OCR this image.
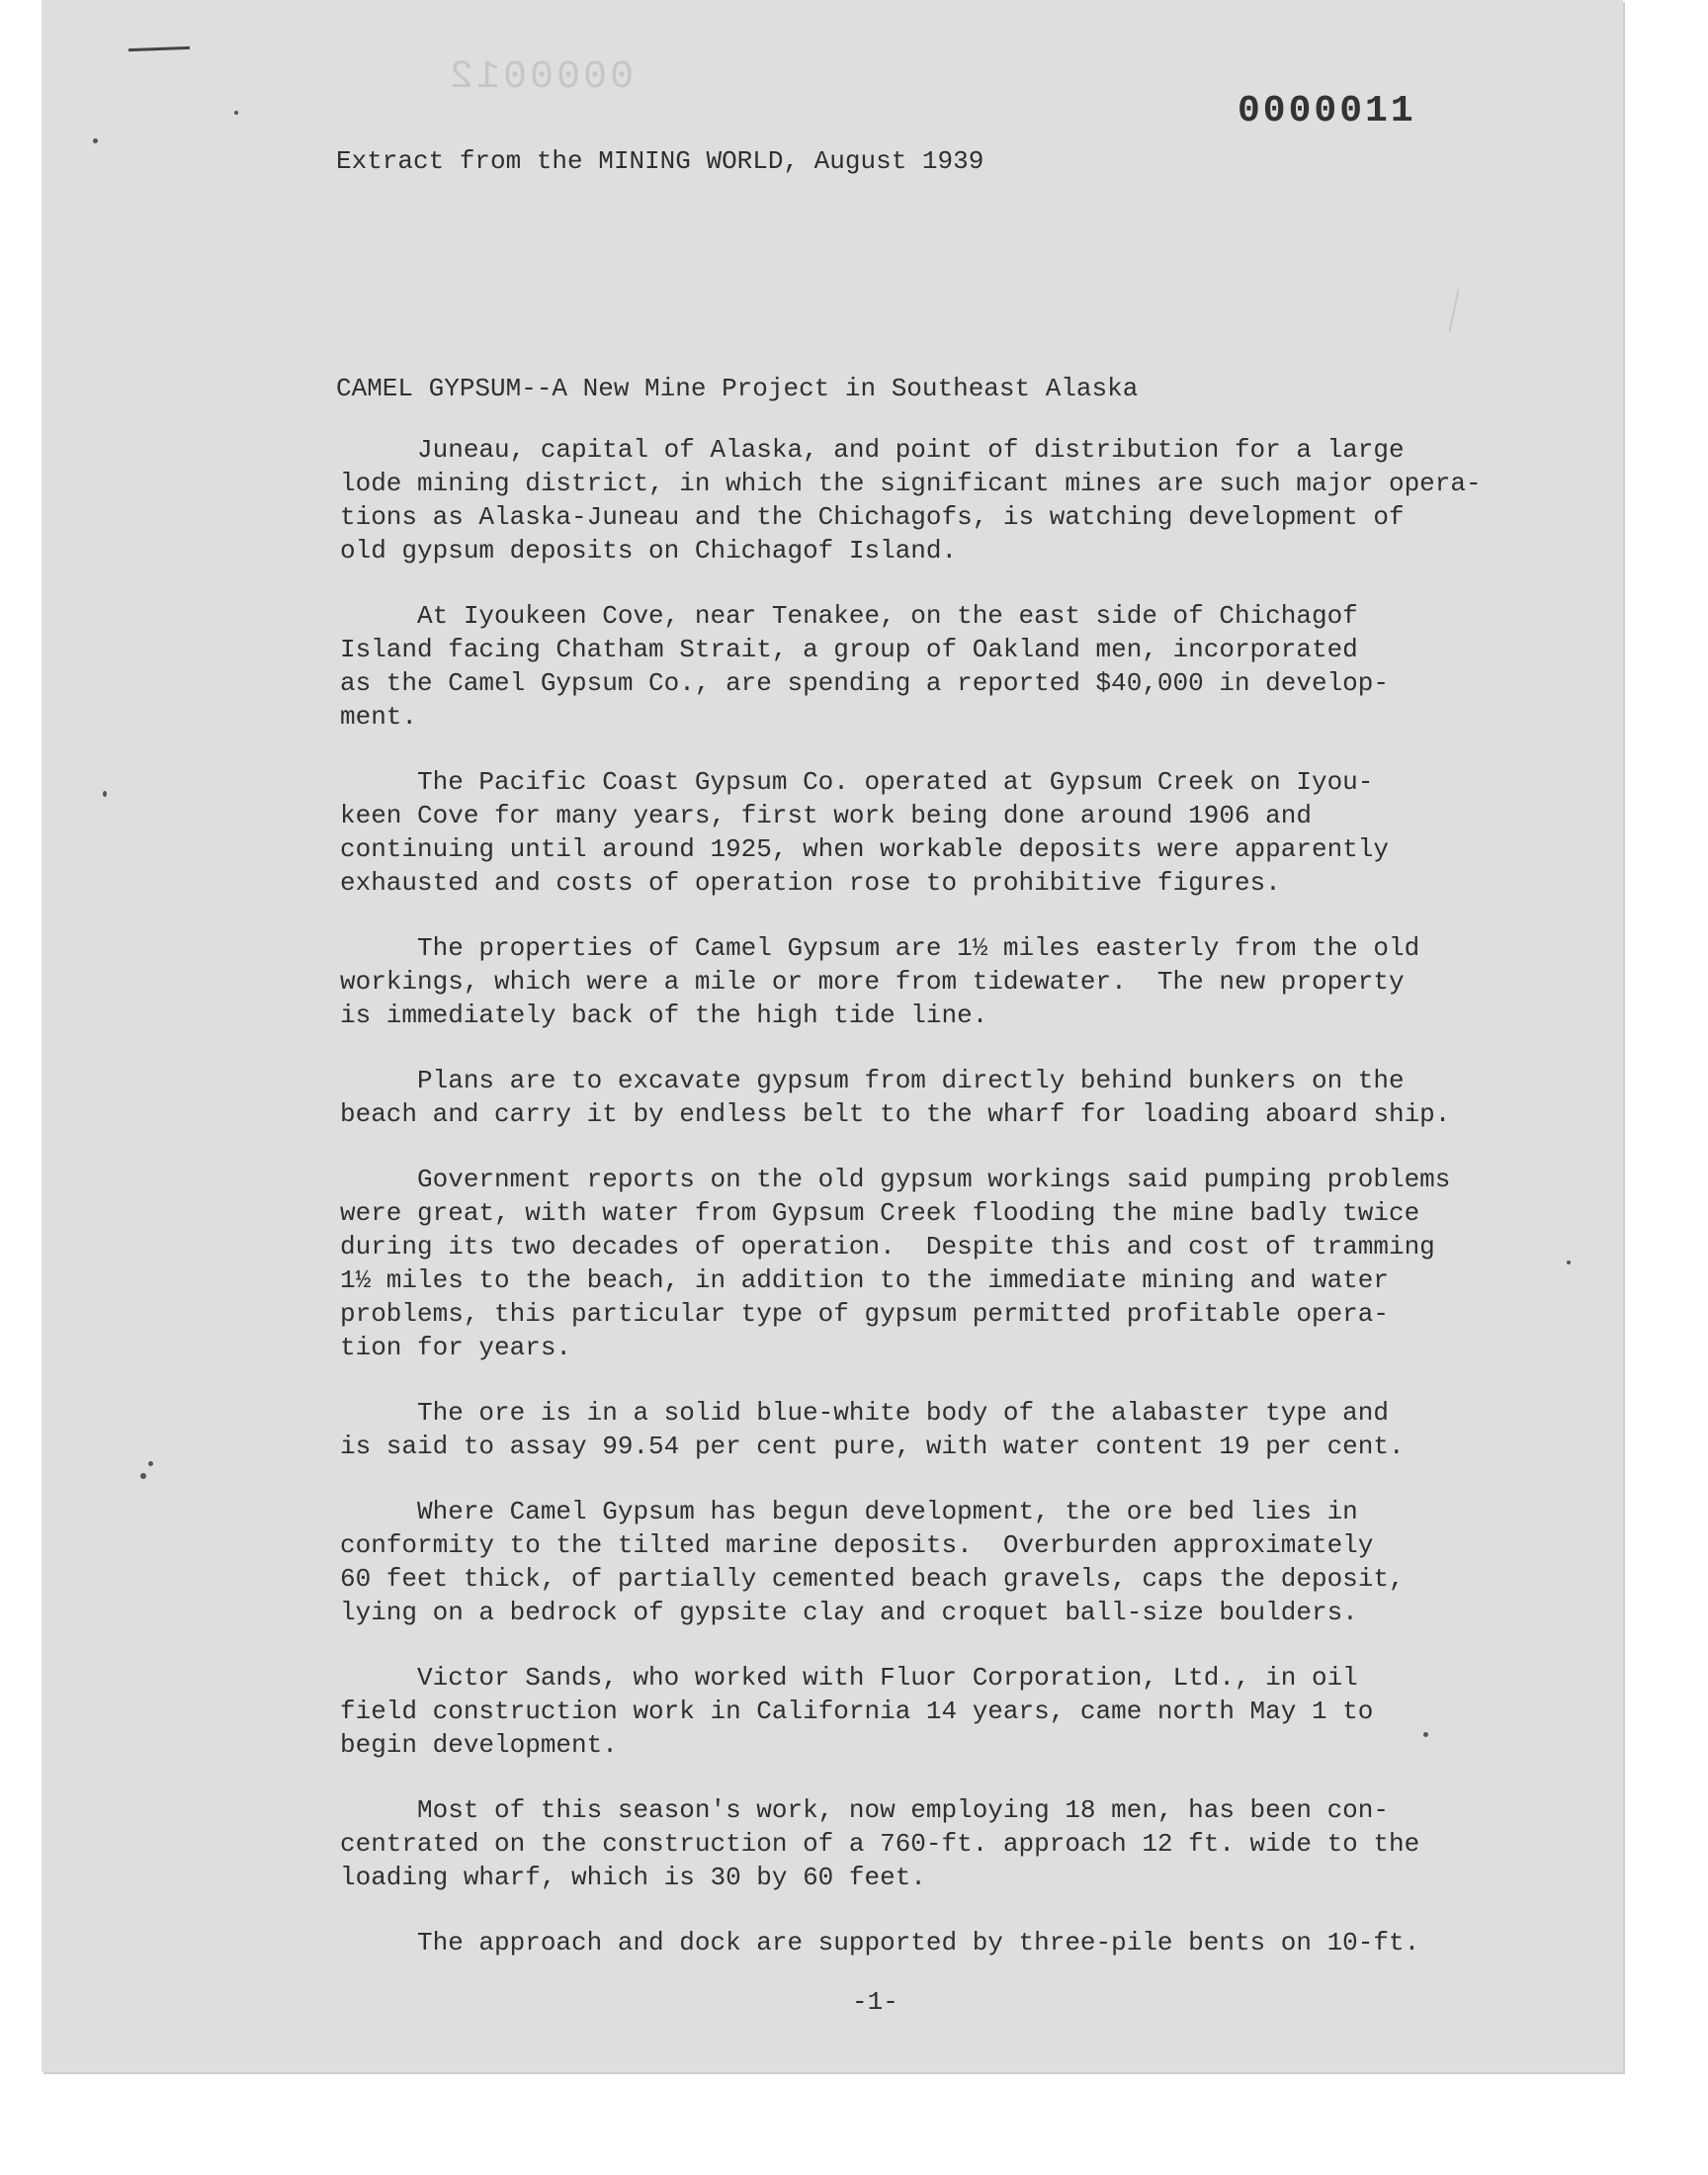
0000012
0000011
Extract from the MINING WORLD, August 1939
CAMEL GYPSUM--A New Mine Project in Southeast Alaska

Juneau, capital of Alaska, and point of distribution for a large
lode mining district, in which the significant mines are such major opera-
tions as Alaska-Juneau and the Chichagofs, is watching development of
old gypsum deposits on Chichagof Island.

At Iyoukeen Cove, near Tenakee, on the east side of Chichagof
Island facing Chatham Strait, a group of Oakland men, incorporated
as the Camel Gypsum Co., are spending a reported $40,000 in develop-
ment.

The Pacific Coast Gypsum Co. operated at Gypsum Creek on Iyou-
keen Cove for many years, first work being done around 1906 and
continuing until around 1925, when workable deposits were apparently
exhausted and costs of operation rose to prohibitive figures.

The properties of Camel Gypsum are 1½ miles easterly from the old
workings, which were a mile or more from tidewater.  The new property
is immediately back of the high tide line.

Plans are to excavate gypsum from directly behind bunkers on the
beach and carry it by endless belt to the wharf for loading aboard ship.

Government reports on the old gypsum workings said pumping problems
were great, with water from Gypsum Creek flooding the mine badly twice
during its two decades of operation.  Despite this and cost of tramming
1½ miles to the beach, in addition to the immediate mining and water
problems, this particular type of gypsum permitted profitable opera-
tion for years.

The ore is in a solid blue-white body of the alabaster type and
is said to assay 99.54 per cent pure, with water content 19 per cent.

Where Camel Gypsum has begun development, the ore bed lies in
conformity to the tilted marine deposits.  Overburden approximately
60 feet thick, of partially cemented beach gravels, caps the deposit,
lying on a bedrock of gypsite clay and croquet ball-size boulders.

Victor Sands, who worked with Fluor Corporation, Ltd., in oil
field construction work in California 14 years, came north May 1 to
begin development.

Most of this season's work, now employing 18 men, has been con-
centrated on the construction of a 760-ft. approach 12 ft. wide to the
loading wharf, which is 30 by 60 feet.

The approach and dock are supported by three-pile bents on 10-ft.

-1-
